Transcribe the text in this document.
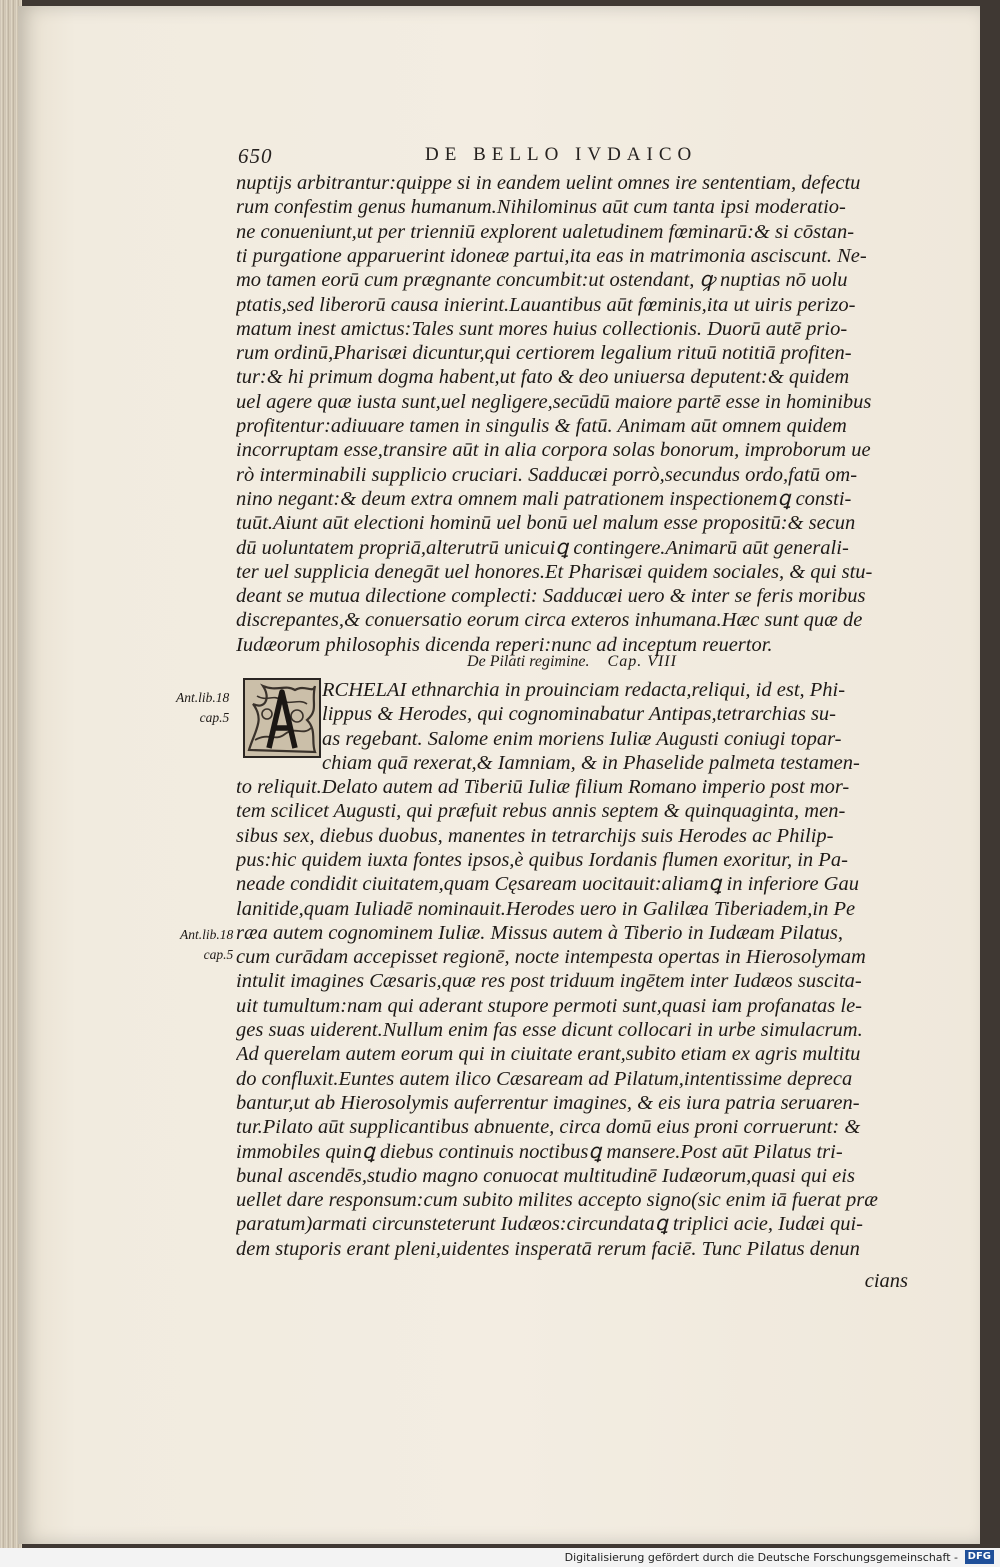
650	DE BELLO IVDAICO
nuptijs arbitrantur:quippe si in eandem uelint omnes ire sententiam, defectu
rum confestim genus humanum.Nihilominus aūt cum tanta ipsi moderatio-
ne conueniunt,ut per trienniū explorent ualetudinem fœminarū:& si cōstan-
ti purgatione apparuerint idoneæ partui,ita eas in matrimonia asciscunt. Ne-
mo tamen eorū cum prægnante concumbit:ut ostendant, ꝙ nuptias nō uolu
ptatis,sed liberorū causa inierint.Lauantibus aūt fœminis,ita ut uiris perizo-
matum inest amictus:Tales sunt mores huius collectionis. Duorū autē prio-
rum ordinū,Pharisæi dicuntur,qui certiorem legalium rituū notitiā profiten-
tur:& hi primum dogma habent,ut fato & deo uniuersa deputent:& quidem
uel agere quæ iusta sunt,uel negligere,secūdū maiore partē esse in hominibus
profitentur:adiuuare tamen in singulis & fatū. Animam aūt omnem quidem
incorruptam esse,transire aūt in alia corpora solas bonorum, improborum ue
rò interminabili supplicio cruciari. Sadducæi porrò,secundus ordo,fatū om-
nino negant:& deum extra omnem mali patrationem inspectionemꝗ consti-
tuūt.Aiunt aūt electioni hominū uel bonū uel malum esse propositū:& secun
dū uoluntatem propriā,alterutrū unicuiꝗ contingere.Animarū aūt generali-
ter uel supplicia denegāt uel honores.Et Pharisæi quidem sociales, & qui stu-
deant se mutua dilectione complecti: Sadducæi uero & inter se feris moribus
discrepantes,& conuersatio eorum circa exteros inhumana.Hæc sunt quæ de
Iudæorum philosophis dicenda reperi:nunc ad inceptum reuertor.
De Pilati regimine. Cap. VIII
RCHELAI ethnarchia in prouinciam redacta,reliqui, id est, Phi-
lippus & Herodes, qui cognominabatur Antipas,tetrarchias su-
as regebant. Salome enim moriens Iuliæ Augusti coniugi topar-
chiam quā rexerat,& Iamniam, & in Phaselide palmeta testamen-
to reliquit.Delato autem ad Tiberiū Iuliæ filium Romano imperio post mor-
tem scilicet Augusti, qui præfuit rebus annis septem & quinquaginta, men-
sibus sex, diebus duobus, manentes in tetrarchijs suis Herodes ac Philip-
pus:hic quidem iuxta fontes ipsos,è quibus Iordanis flumen exoritur, in Pa-
neade condidit ciuitatem,quam Cęsaream uocitauit:aliamꝗ in inferiore Gau
lanitide,quam Iuliadē nominauit.Herodes uero in Galilæa Tiberiadem,in Pe
ræa autem cognominem Iuliæ. Missus autem à Tiberio in Iudæam Pilatus,
cum curādam accepisset regionē, nocte intempesta opertas in Hierosolymam
intulit imagines Cæsaris,quæ res post triduum ingētem inter Iudæos suscita-
uit tumultum:nam qui aderant stupore permoti sunt,quasi iam profanatas le-
ges suas uiderent.Nullum enim fas esse dicunt collocari in urbe simulacrum.
Ad querelam autem eorum qui in ciuitate erant,subito etiam ex agris multitu
do confluxit.Euntes autem ilico Cæsaream ad Pilatum,intentissime depreca
bantur,ut ab Hierosolymis auferrentur imagines, & eis iura patria seruaren-
tur.Pilato aūt supplicantibus abnuente, circa domū eius proni corruerunt: &
immobiles quinꝗ diebus continuis noctibusꝗ mansere.Post aūt Pilatus tri-
bunal ascendēs,studio magno conuocat multitudinē Iudæorum,quasi qui eis
uellet dare responsum:cum subito milites accepto signo(sic enim iā fuerat præ
paratum)armati circunsteterunt Iudæos:circundataꝗ triplici acie, Iudæi qui-
dem stuporis erant pleni,uidentes insperatā rerum faciē. Tunc Pilatus denun
cians
Ant.lib.18
cap.5
Ant.lib.18
cap.5
Digitalisierung gefördert durch die Deutsche Forschungsgemeinschaft - DFG
